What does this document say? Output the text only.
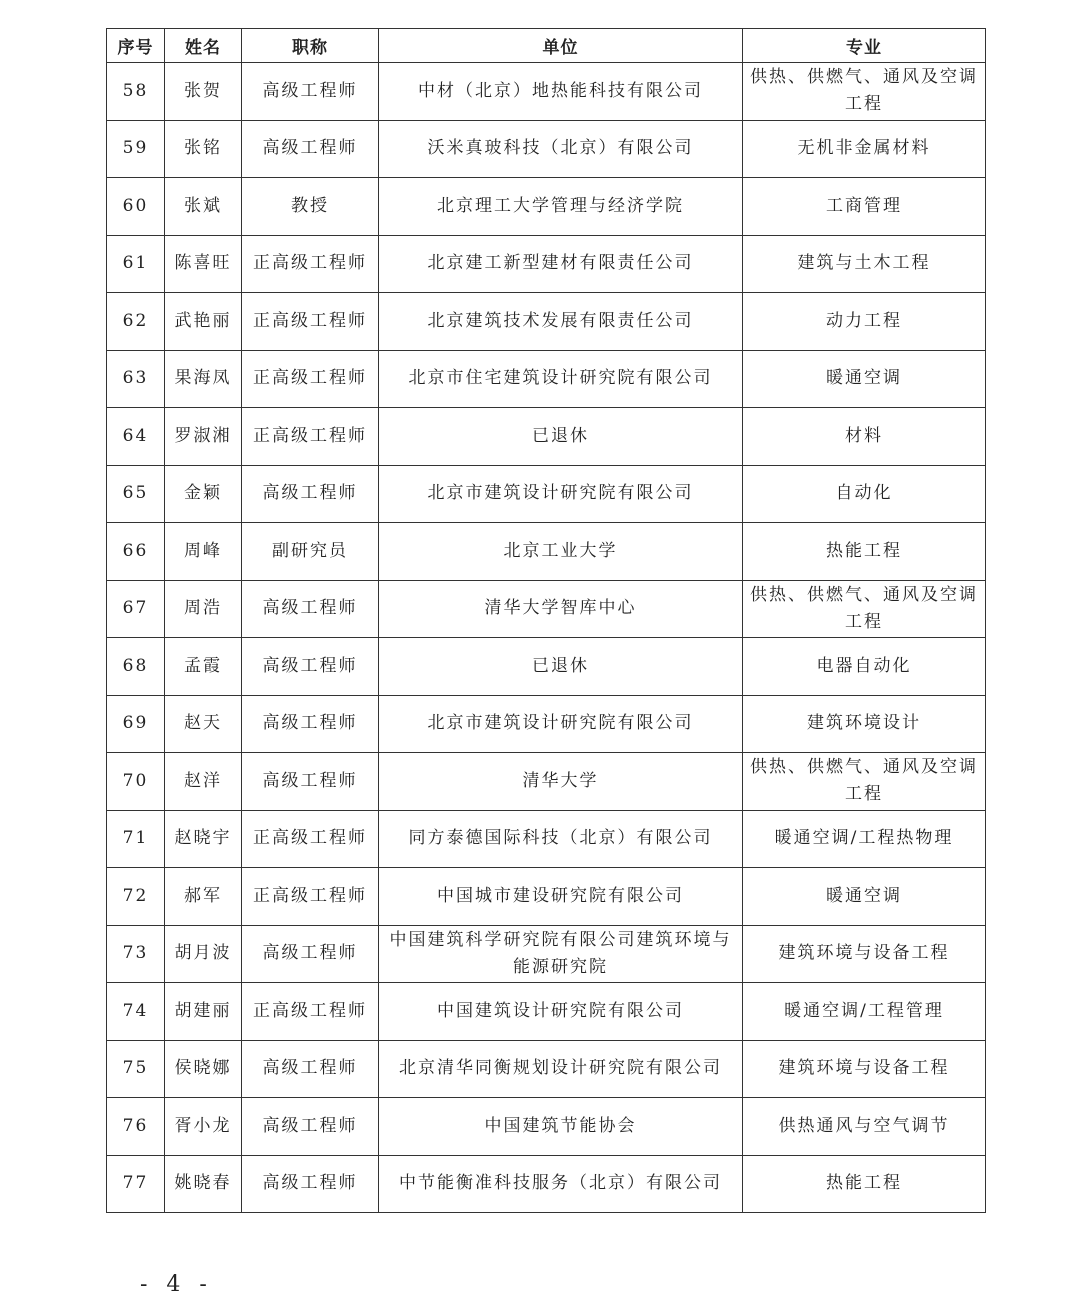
序号	姓名	职称	单位	专业
58	张贺	高级工程师	中材（北京）地热能科技有限公司	供热、供燃气、通风及空调工程
59	张铭	高级工程师	沃米真玻科技（北京）有限公司	无机非金属材料
60	张斌	教授	北京理工大学管理与经济学院	工商管理
61	陈喜旺	正高级工程师	北京建工新型建材有限责任公司	建筑与土木工程
62	武艳丽	正高级工程师	北京建筑技术发展有限责任公司	动力工程
63	果海凤	正高级工程师	北京市住宅建筑设计研究院有限公司	暖通空调
64	罗淑湘	正高级工程师	已退休	材料
65	金颖	高级工程师	北京市建筑设计研究院有限公司	自动化
66	周峰	副研究员	北京工业大学	热能工程
67	周浩	高级工程师	清华大学智库中心	供热、供燃气、通风及空调工程
68	孟霞	高级工程师	已退休	电器自动化
69	赵天	高级工程师	北京市建筑设计研究院有限公司	建筑环境设计
70	赵洋	高级工程师	清华大学	供热、供燃气、通风及空调工程
71	赵晓宇	正高级工程师	同方泰德国际科技（北京）有限公司	暖通空调/工程热物理
72	郝军	正高级工程师	中国城市建设研究院有限公司	暖通空调
73	胡月波	高级工程师	中国建筑科学研究院有限公司建筑环境与能源研究院	建筑环境与设备工程
74	胡建丽	正高级工程师	中国建筑设计研究院有限公司	暖通空调/工程管理
75	侯晓娜	高级工程师	北京清华同衡规划设计研究院有限公司	建筑环境与设备工程
76	胥小龙	高级工程师	中国建筑节能协会	供热通风与空气调节
77	姚晓春	高级工程师	中节能衡准科技服务（北京）有限公司	热能工程
- 4 -
